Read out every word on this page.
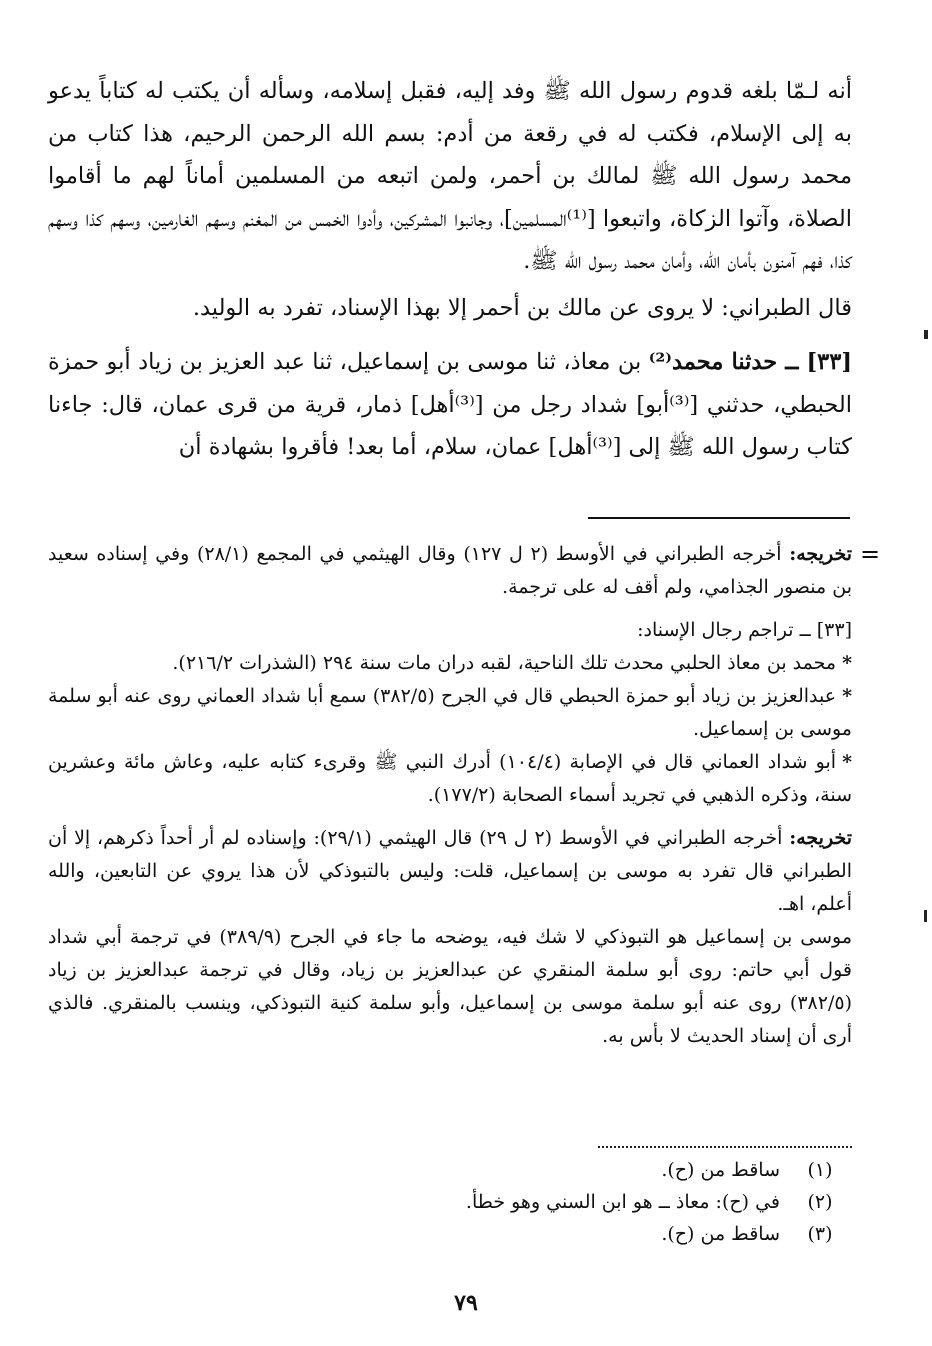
أنه لـمّا بلغه قدوم رسول الله ﷺ وفد إليه، فقبل إسلامه، وسأله أن يكتب له كتاباً يدعو به إلى الإسلام، فكتب له في رقعة من أدم: بسم الله الرحمن الرحيم، هذا كتاب من محمد رسول الله ﷺ لمالك بن أحمر، ولمن اتبعه من المسلمين أماناً لهم ما أقاموا الصلاة، وآتوا الزكاة، واتبعوا [⁽¹⁾المسلمين]، وجانبوا المشركين، وأدوا الخمس من المغنم وسهم الغارمين، وسهم كذا وسهم كذا، فهم آمنون بأمان الله، وأمان محمد رسول الله ﷺ.

قال الطبراني: لا يروى عن مالك بن أحمر إلا بهذا الإسناد، تفرد به الوليد.

[٣٣] ــ حدثنا محمد⁽²⁾ بن معاذ، ثنا موسى بن إسماعيل، ثنا عبد العزيز بن زياد أبو حمزة الحبطي، حدثني [⁽³⁾أبو] شداد رجل من [⁽³⁾أهل] ذمار، قرية من قرى عمان، قال: جاءنا كتاب رسول الله ﷺ إلى [⁽³⁾أهل] عمان، سلام، أما بعد! فأقروا بشهادة أن

=

تخريجه: أخرجه الطبراني في الأوسط (٢ ل ١٢٧) وقال الهيثمي في المجمع (٢٨/١) وفي إسناده سعيد بن منصور الجذامي، ولم أقف له على ترجمة.

[٣٣] ــ تراجم رجال الإسناد:

*محمد بن معاذ الحلبي محدث تلك الناحية، لقبه دران مات سنة ٢٩٤ (الشذرات ٢١٦/٢).

*عبدالعزيز بن زياد أبو حمزة الحبطي قال في الجرح (٣٨٢/٥) سمع أبا شداد العماني روى عنه أبو سلمة موسى بن إسماعيل.

*أبو شداد العماني قال في الإصابة (١٠٤/٤) أدرك النبي ﷺ وقرىء كتابه عليه، وعاش مائة وعشرين سنة، وذكره الذهبي في تجريد أسماء الصحابة (١٧٧/٢).

تخريجه: أخرجه الطبراني في الأوسط (٢ ل ٢٩) قال الهيثمي (٢٩/١): وإسناده لم أر أحداً ذكرهم، إلا أن الطبراني قال تفرد به موسى بن إسماعيل، قلت: وليس بالتبوذكي لأن هذا يروي عن التابعين، والله أعلم، اهـ.

موسى بن إسماعيل هو التبوذكي لا شك فيه، يوضحه ما جاء في الجرح (٣٨٩/٩) في ترجمة أبي شداد قول أبي حاتم: روى أبو سلمة المنقري عن عبدالعزيز بن زياد، وقال في ترجمة عبدالعزيز بن زياد (٣٨٢/٥) روى عنه أبو سلمة موسى بن إسماعيل، وأبو سلمة كنية التبوذكي، وينسب بالمنقري. فالذي أرى أن إسناد الحديث لا بأس به.

(١)
ساقط من (ح).
(٢)
في (ح): معاذ ــ هو ابن السني وهو خطأ.
(٣)
ساقط من (ح).
٧٩
